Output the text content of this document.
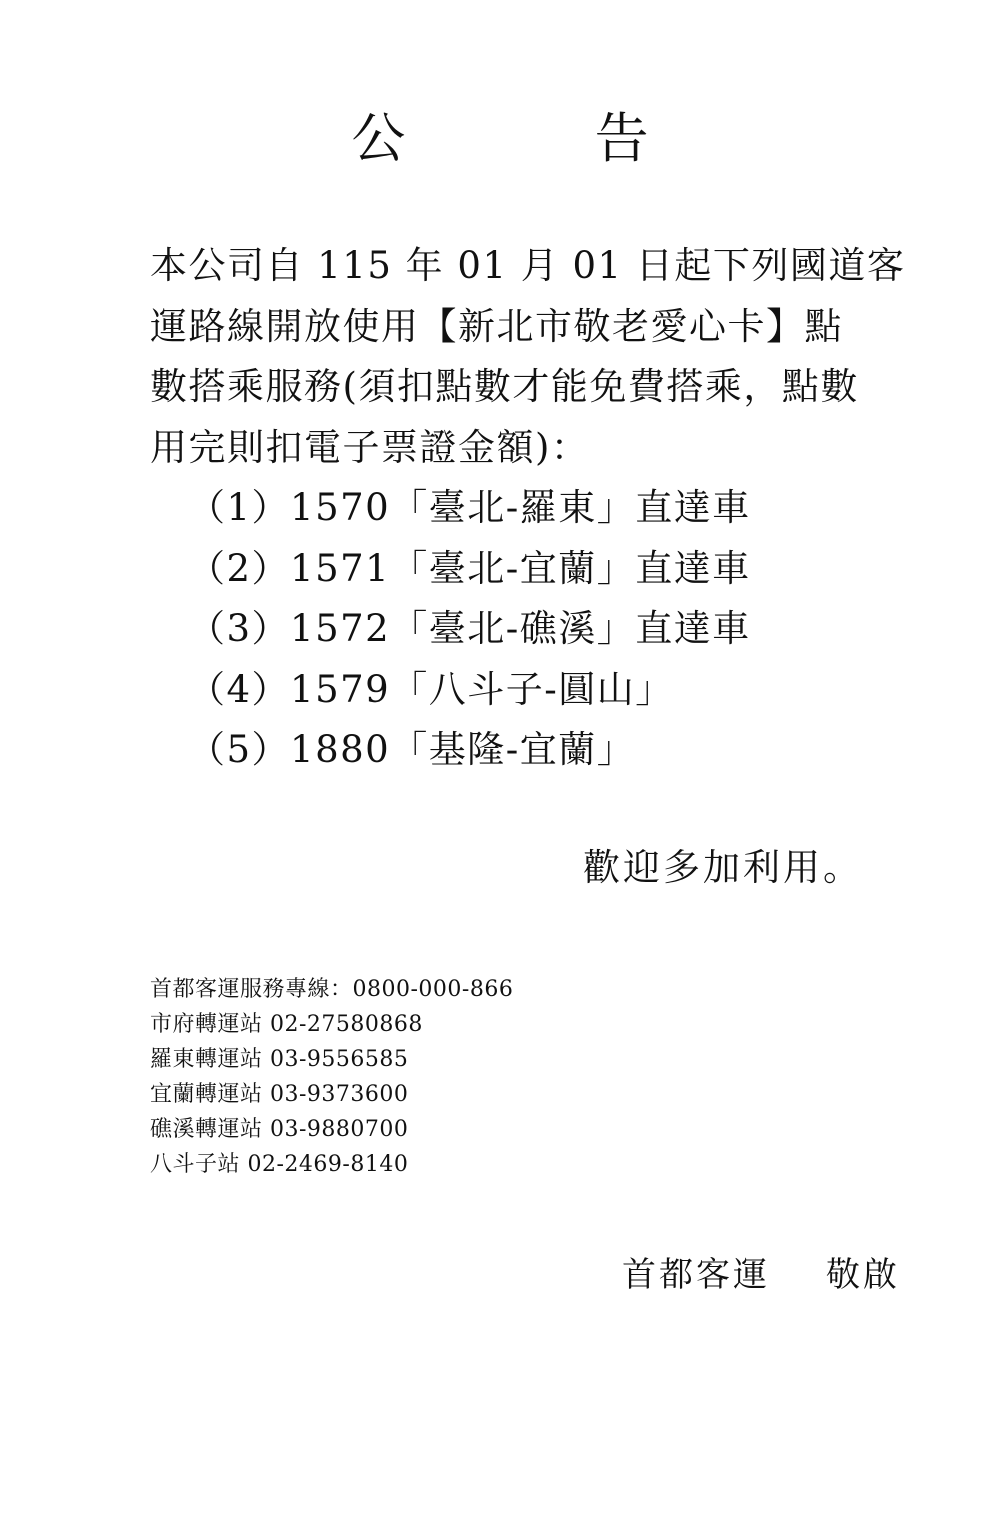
公 告

本公司自 115 年 01 月 01 日起下列國道客
運路線開放使用【新北市敬老愛心卡】點
數搭乘服務(須扣點數才能免費搭乘，點數
用完則扣電子票證金額)：

（1）1570「臺北-羅東」直達車
（2）1571「臺北-宜蘭」直達車
（3）1572「臺北-礁溪」直達車
（4）1579「八斗子-圓山」
（5）1880「基隆-宜蘭」
歡迎多加利用。
首都客運服務專線：0800-000-866
市府轉運站 02-27580868
羅東轉運站 03-9556585
宜蘭轉運站 03-9373600
礁溪轉運站 03-9880700
八斗子站 02-2469-8140
首都客運 敬啟
